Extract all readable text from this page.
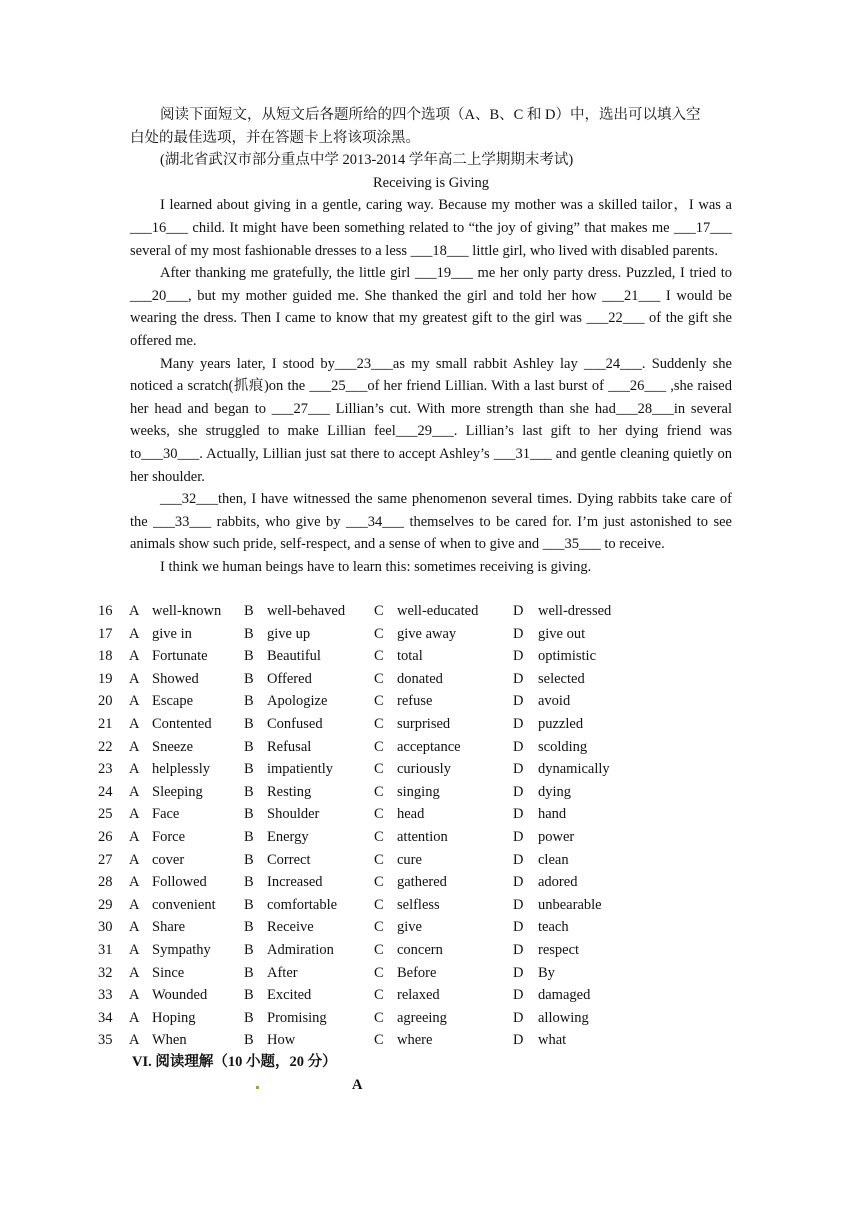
阅读下面短文，从短文后各题所给的四个选项（A、B、C 和 D）中，选出可以填入空

白处的最佳选项，并在答题卡上将该项涂黑。

(湖北省武汉市部分重点中学 2013-2014 学年高二上学期期末考试)

Receiving is Giving

I learned about giving in a gentle, caring way. Because my mother was a skilled tailor，I was a ___16___ child. It might have been something related to “the joy of giving” that makes me ___17___ several of my most fashionable dresses to a less ___18___ little girl, who lived with disabled parents.

After thanking me gratefully, the little girl ___19___ me her only party dress. Puzzled, I tried to ___20___, but my mother guided me. She thanked the girl and told her how ___21___ I would be wearing the dress. Then I came to know that my greatest gift to the girl was ___22___ of the gift she offered me.

Many years later, I stood by___23___as my small rabbit Ashley lay ___24___. Suddenly she noticed a scratch(抓痕)on the ___25___of her friend Lillian. With a last burst of ___26___ ,she raised her head and began to ___27___ Lillian’s cut. With more strength than she had___28___in several weeks, she struggled to make Lillian feel___29___. Lillian’s last gift to her dying friend was to___30___. Actually, Lillian just sat there to accept Ashley’s ___31___ and gentle cleaning quietly on her shoulder.

___32___then, I have witnessed the same phenomenon several times. Dying rabbits take care of the ___33___ rabbits, who give by ___34___ themselves to be cared for. I’m just astonished to see animals show such pride, self-respect, and a sense of when to give and ___35___ to receive.

I think we human beings have to learn this: sometimes receiving is giving.

16 A well-known B well-behaved C well-educated D well-dressed
17 A give in	B give up	C give away	D give out
18 A Fortunate	B Beautiful	C total	D optimistic
19 A Showed	B Offered	C donated	D selected
20 A Escape	B Apologize	C refuse	D avoid
21 A Contented B Confused	C surprised	D puzzled
22 A Sneeze	B Refusal	C acceptance	D scolding
23 A helplessly B impatiently	C curiously	D dynamically
24 A Sleeping	B Resting	C singing	D dying
25 A Face	B Shoulder	C head	D hand
26 A Force	B Energy	C attention	D power
27 A cover	B Correct	C cure	D clean
28 A Followed	B Increased	C gathered	D adored
29 A convenient B comfortable	C selfless	D unbearable
30 A Share	B Receive	C give	D teach
31 A Sympathy B Admiration	C concern	D respect
32 A Since	B After	C Before	D By
33 A Wounded	B Excited	C relaxed	D damaged
34 A Hoping	B Promising	C agreeing	D allowing
35 A When	B How	C where	D what
VI. 阅读理解（10 小题，20 分）
A
